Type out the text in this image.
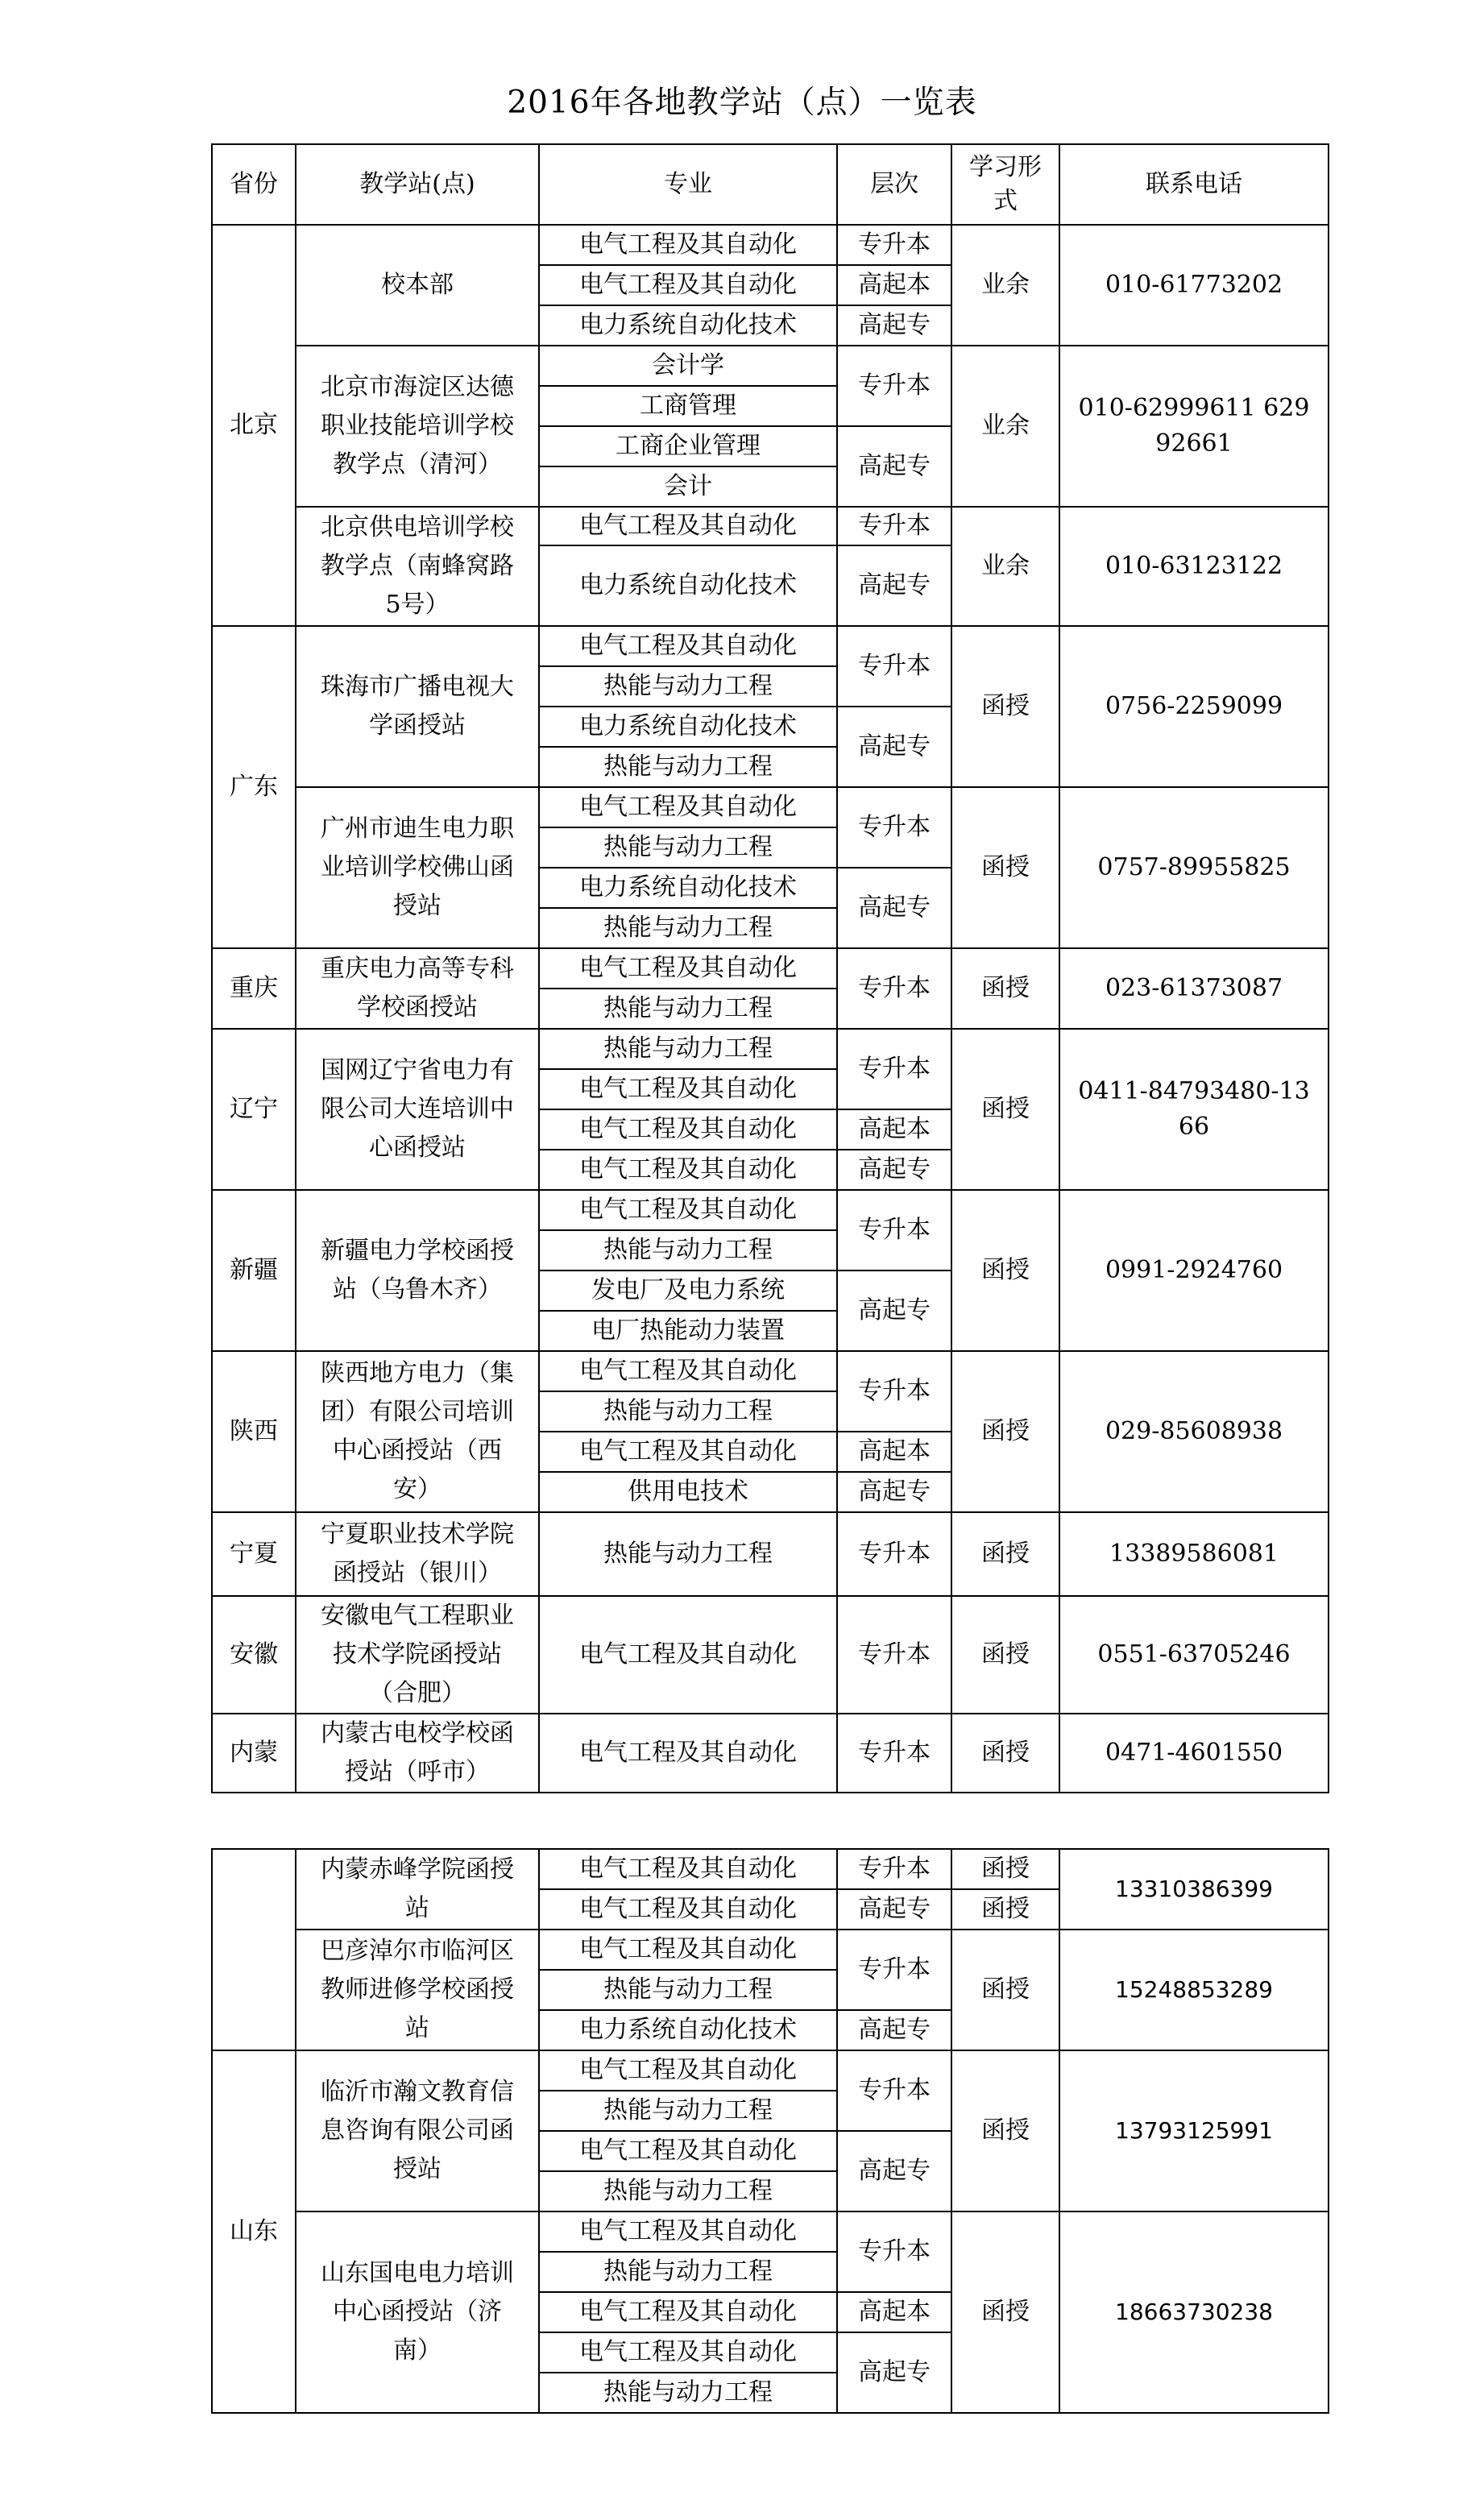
2016年各地教学站（点）一览表
省份	教学站(点)	专业	层次	学习形式	联系电话
北京	校本部	电气工程及其自动化	专升本	业余	010-61773202
		电气工程及其自动化	高起本		
		电力系统自动化技术	高起专		
	北京市海淀区达德职业技能培训学校教学点（清河）	会计学	专升本	业余	010-62999611 62992661
		工商管理			
		工商企业管理	高起专		
		会计			
	北京供电培训学校教学点（南蜂窝路5号）	电气工程及其自动化	专升本	业余	010-63123122
		电力系统自动化技术	高起专		
广东	珠海市广播电视大学函授站	电气工程及其自动化	专升本	函授	0756-2259099
		热能与动力工程			
		电力系统自动化技术	高起专		
		热能与动力工程			
	广州市迪生电力职业培训学校佛山函授站	电气工程及其自动化	专升本	函授	0757-89955825
		热能与动力工程			
		电力系统自动化技术	高起专		
		热能与动力工程			
重庆	重庆电力高等专科学校函授站	电气工程及其自动化	专升本	函授	023-61373087
		热能与动力工程			
辽宁	国网辽宁省电力有限公司大连培训中心函授站	热能与动力工程	专升本	函授	0411-84793480-1366
		电气工程及其自动化			
		电气工程及其自动化	高起本		
		电气工程及其自动化	高起专		
新疆	新疆电力学校函授站（乌鲁木齐）	电气工程及其自动化	专升本	函授	0991-2924760
		热能与动力工程			
		发电厂及电力系统	高起专		
		电厂热能动力装置			
陕西	陕西地方电力（集团）有限公司培训中心函授站（西安）	电气工程及其自动化	专升本	函授	029-85608938
		热能与动力工程			
		电气工程及其自动化	高起本		
		供用电技术	高起专		
宁夏	宁夏职业技术学院函授站（银川）	热能与动力工程	专升本	函授	13389586081
安徽	安徽电气工程职业技术学院函授站（合肥）	电气工程及其自动化	专升本	函授	0551-63705246
内蒙	内蒙古电校学校函授站（呼市）	电气工程及其自动化	专升本	函授	0471-4601550
	内蒙赤峰学院函授站	电气工程及其自动化	专升本	函授	13310386399
		电气工程及其自动化	高起专	函授	
	巴彦淖尔市临河区教师进修学校函授站	电气工程及其自动化	专升本	函授	15248853289
		热能与动力工程			
		电力系统自动化技术	高起专		
山东	临沂市瀚文教育信息咨询有限公司函授站	电气工程及其自动化	专升本	函授	13793125991
		热能与动力工程			
		电气工程及其自动化	高起专		
		热能与动力工程			
	山东国电电力培训中心函授站（济南）	电气工程及其自动化	专升本	函授	18663730238
		热能与动力工程			
		电气工程及其自动化	高起本		
		电气工程及其自动化	高起专		
		热能与动力工程			
